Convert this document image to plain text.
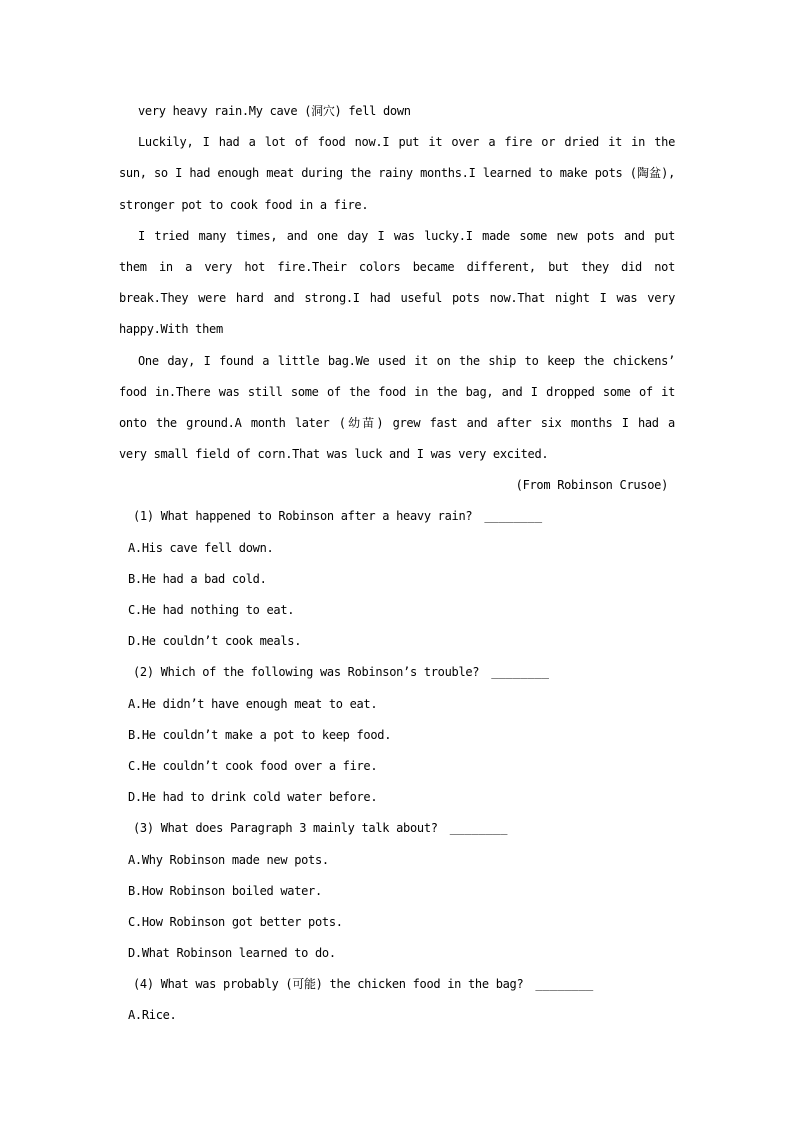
very heavy rain.My cave (洞穴) fell down
Luckily, I had a lot of food now.I put it over a fire or dried it in the
sun, so I had enough meat during the rainy months.I learned to make pots (陶盆),
stronger pot to cook food in a fire.
I tried many times, and one day I was lucky.I made some new pots and put
them in a very hot fire.Their colors became different, but they did not
break.They were hard and strong.I had useful pots now.That night I was very
happy.With them
One day, I found a little bag.We used it on the ship to keep the chickens’
food in.There was still some of the food in the bag, and I dropped some of it
onto the ground.A month later (幼苗) grew fast and after six months I had a
very small field of corn.That was luck and I was very excited.
(From Robinson Crusoe)
(1) What happened to Robinson after a heavy rain? ________
A.His cave fell down.
B.He had a bad cold.
C.He had nothing to eat.
D.He couldn’t cook meals.
(2) Which of the following was Robinson’s trouble? ________
A.He didn’t have enough meat to eat.
B.He couldn’t make a pot to keep food.
C.He couldn’t cook food over a fire.
D.He had to drink cold water before.
(3) What does Paragraph 3 mainly talk about? ________
A.Why Robinson made new pots.
B.How Robinson boiled water.
C.How Robinson got better pots.
D.What Robinson learned to do.
(4) What was probably (可能) the chicken food in the bag? ________
A.Rice.
